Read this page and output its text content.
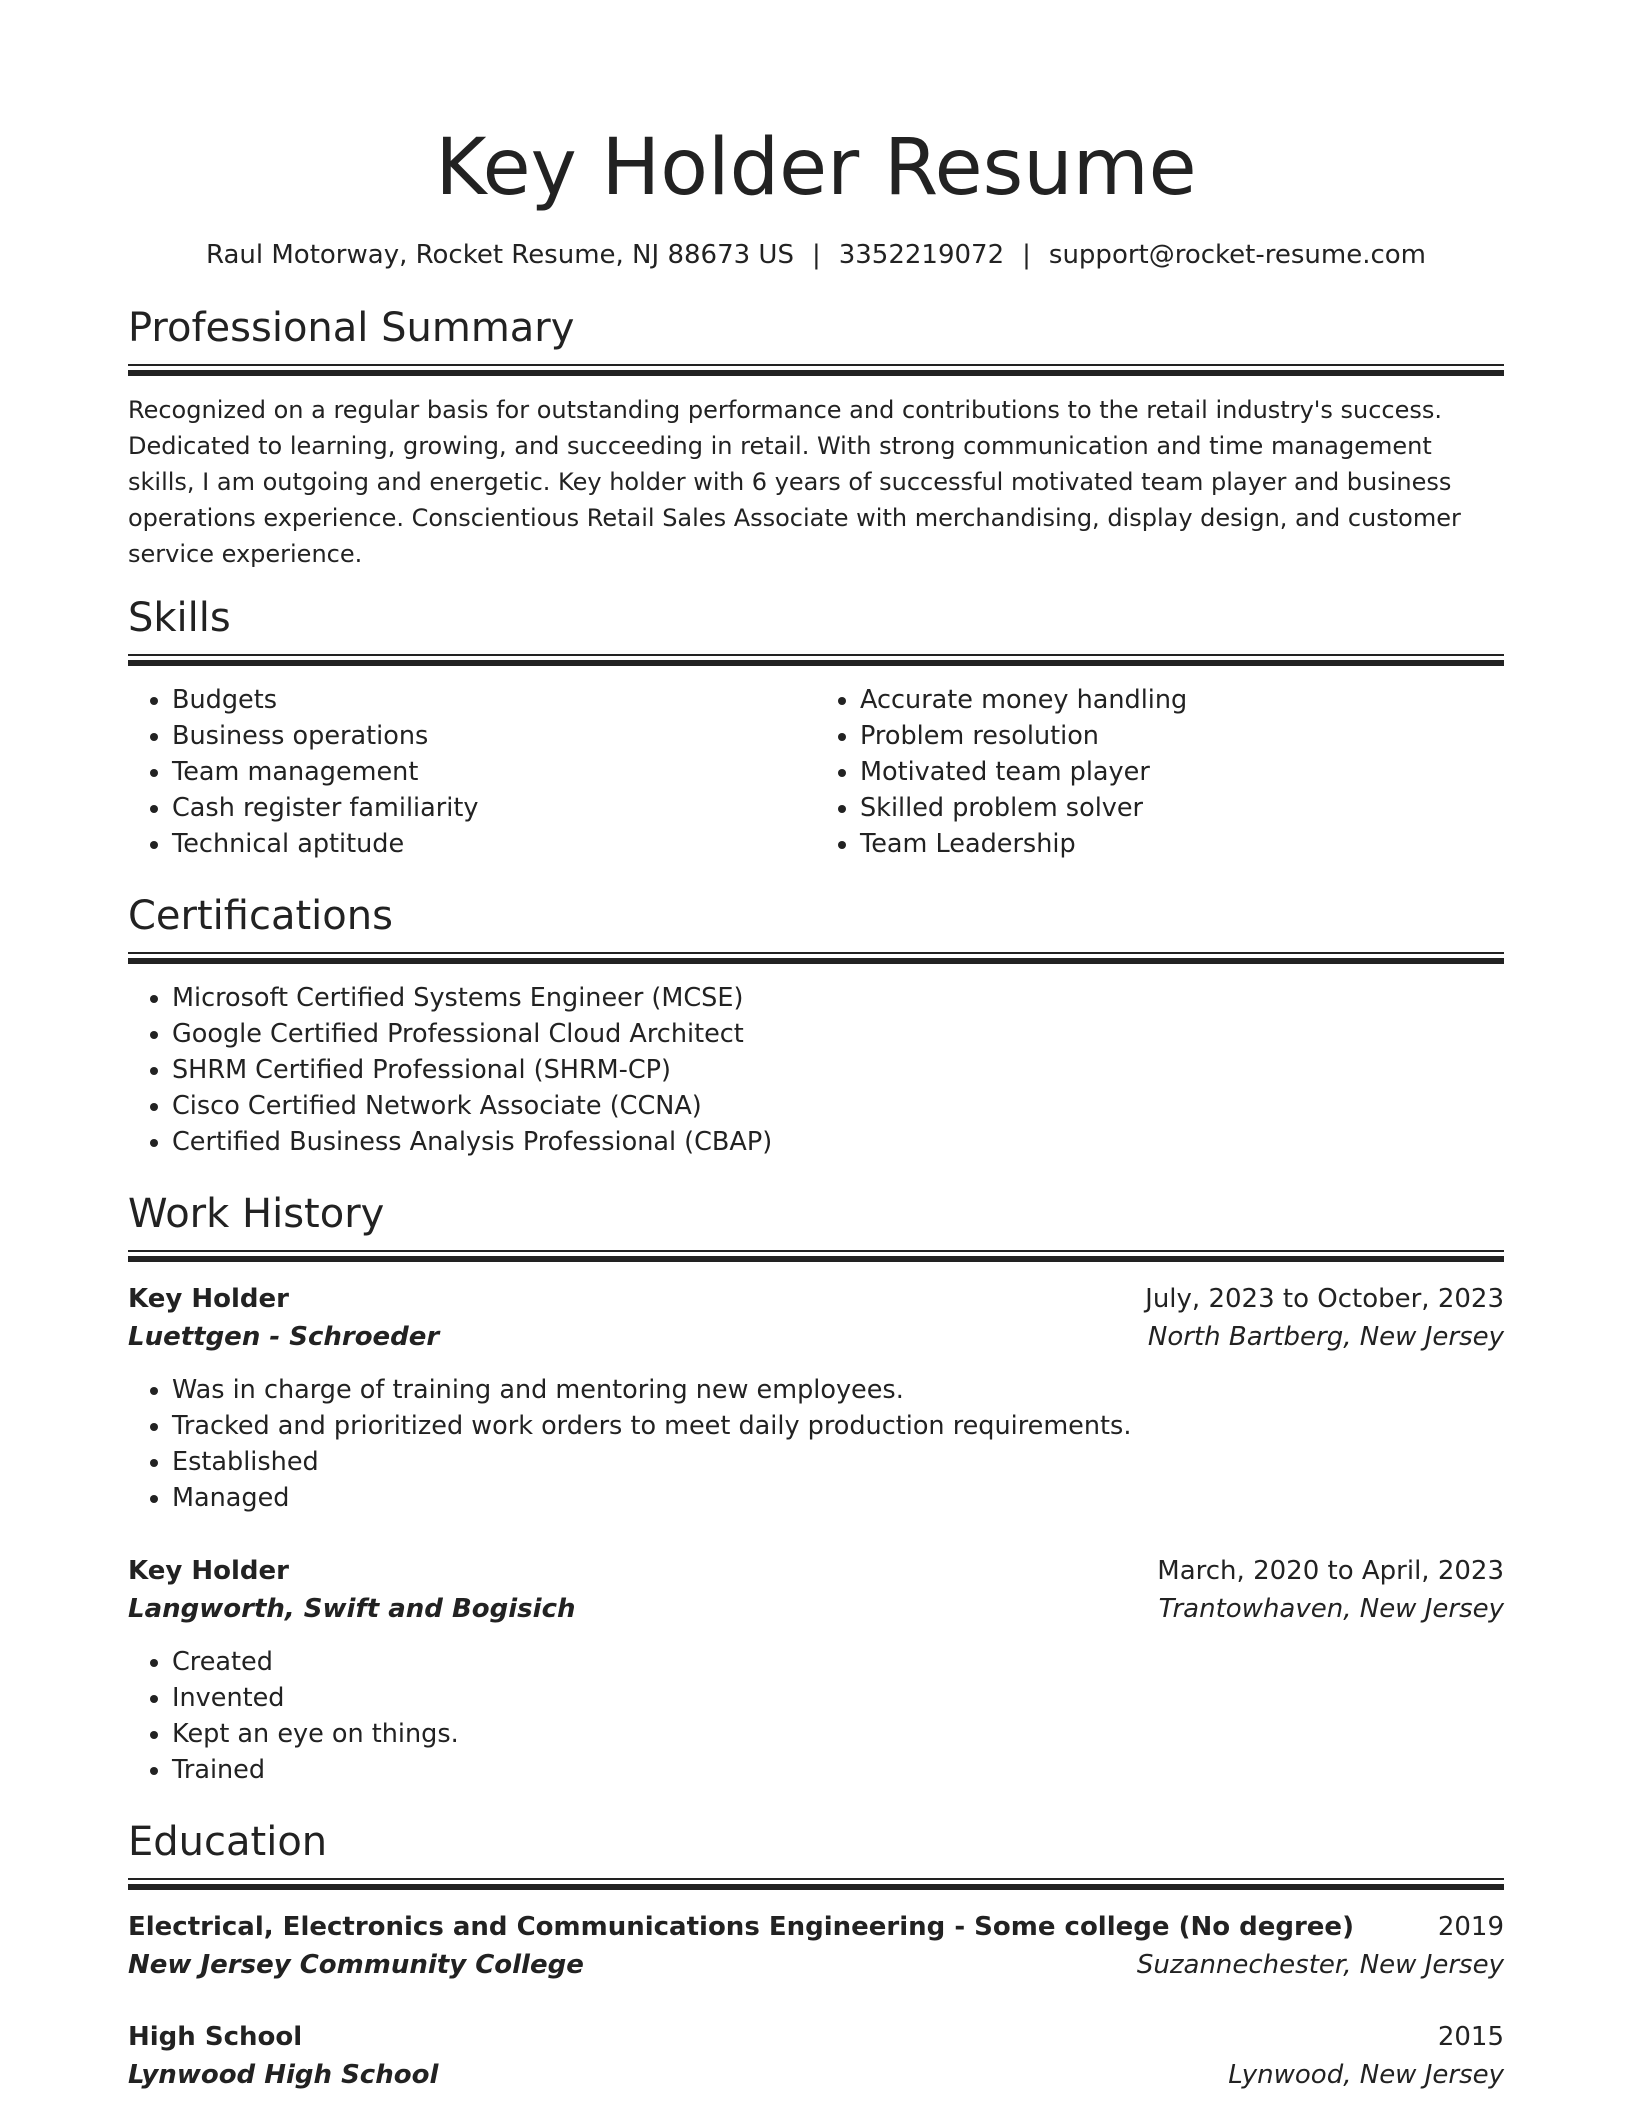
Key Holder Resume
Raul Motorway, Rocket Resume, NJ 88673 US | 3352219072 | support@rocket-resume.com
Professional Summary

Recognized on a regular basis for outstanding performance and contributions to the retail industry's success. Dedicated to learning, growing, and succeeding in retail. With strong communication and time management skills, I am outgoing and energetic. Key holder with 6 years of successful motivated team player and business operations experience. Conscientious Retail Sales Associate with merchandising, display design, and customer service experience.

Skills
• Budgets
• Business operations
• Team management
• Cash register familiarity
• Technical aptitude
• Accurate money handling
• Problem resolution
• Motivated team player
• Skilled problem solver
• Team Leadership
Certifications
• Microsoft Certified Systems Engineer (MCSE)
• Google Certified Professional Cloud Architect
• SHRM Certified Professional (SHRM-CP)
• Cisco Certified Network Associate (CCNA)
• Certified Business Analysis Professional (CBAP)
Work History
Key Holder	July, 2023 to October, 2023
Luettgen - Schroeder	North Bartberg, New Jersey
• Was in charge of training and mentoring new employees.
• Tracked and prioritized work orders to meet daily production requirements.
• Established
• Managed
Key Holder	March, 2020 to April, 2023
Langworth, Swift and Bogisich	Trantowhaven, New Jersey
• Created
• Invented
• Kept an eye on things.
• Trained
Education
Electrical, Electronics and Communications Engineering - Some college (No degree)	2019
New Jersey Community College	Suzannechester, New Jersey
High School	2015
Lynwood High School	Lynwood, New Jersey
